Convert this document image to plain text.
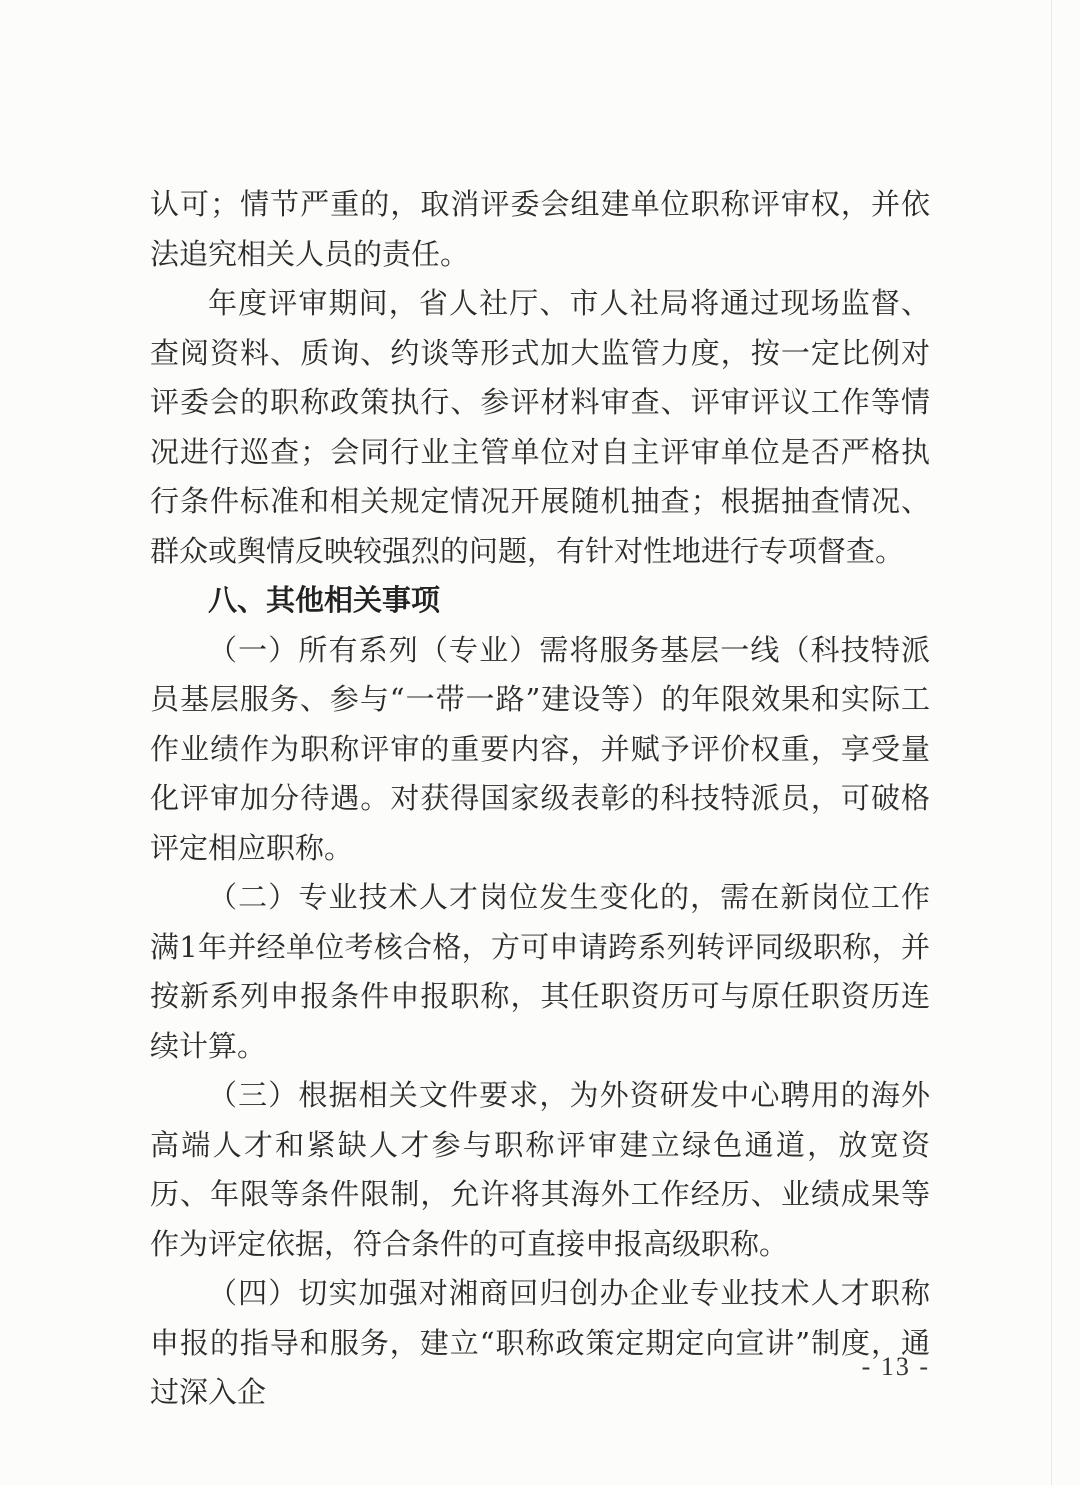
认可；情节严重的，取消评委会组建单位职称评审权，并依法追究相关人员的责任。

年度评审期间，省人社厅、市人社局将通过现场监督、查阅资料、质询、约谈等形式加大监管力度，按一定比例对评委会的职称政策执行、参评材料审查、评审评议工作等情况进行巡查；会同行业主管单位对自主评审单位是否严格执行条件标准和相关规定情况开展随机抽查；根据抽查情况、群众或舆情反映较强烈的问题，有针对性地进行专项督查。

八、其他相关事项

（一）所有系列（专业）需将服务基层一线（科技特派员基层服务、参与“一带一路”建设等）的年限效果和实际工作业绩作为职称评审的重要内容，并赋予评价权重，享受量化评审加分待遇。对获得国家级表彰的科技特派员，可破格评定相应职称。

（二）专业技术人才岗位发生变化的，需在新岗位工作满1年并经单位考核合格，方可申请跨系列转评同级职称，并按新系列申报条件申报职称，其任职资历可与原任职资历连续计算。

（三）根据相关文件要求，为外资研发中心聘用的海外高端人才和紧缺人才参与职称评审建立绿色通道，放宽资历、年限等条件限制，允许将其海外工作经历、业绩成果等作为评定依据，符合条件的可直接申报高级职称。

（四）切实加强对湘商回归创办企业专业技术人才职称申报的指导和服务，建立“职称政策定期定向宣讲”制度，通过深入企

- 13 -
